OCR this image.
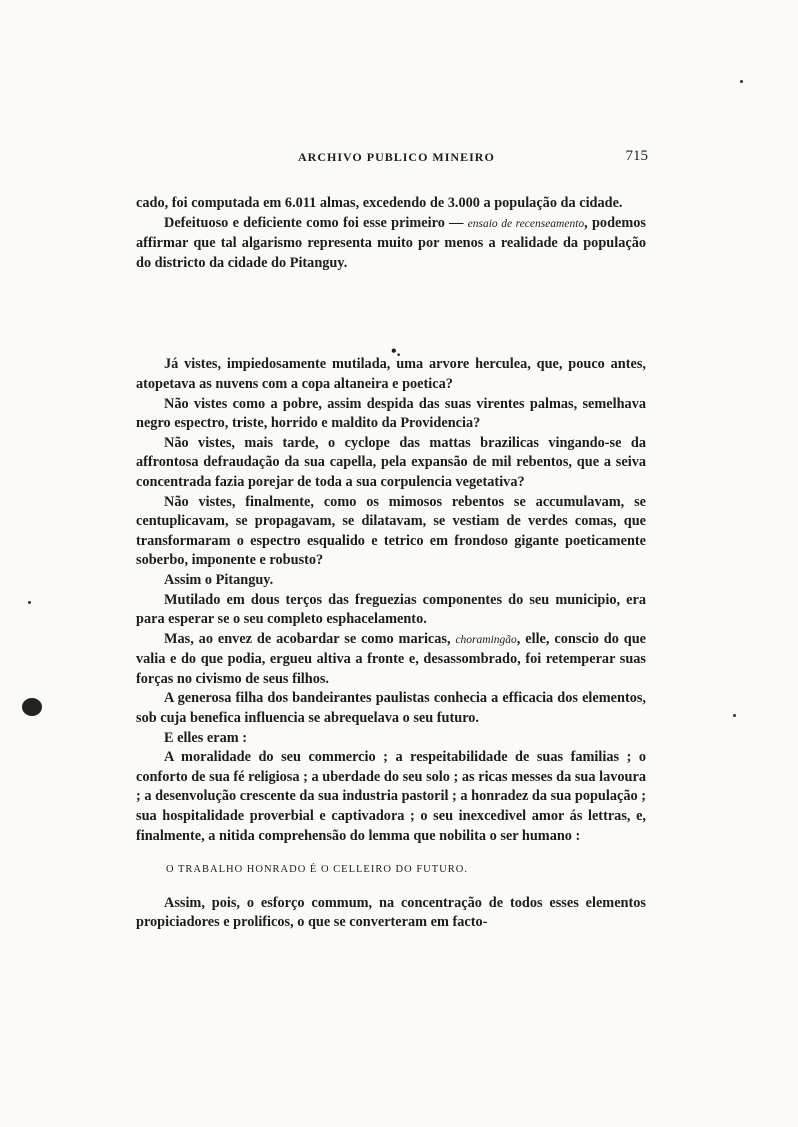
ARCHIVO PUBLICO MINEIRO	715
•.

cado, foi computada em 6.011 almas, excedendo de 3.000 a população da cidade.

Defeituoso e deficiente como foi esse primeiro — ensaio de recenseamento, podemos affirmar que tal algarismo representa muito por menos a realidade da população do districto da cidade do Pitanguy.

Já vistes, impiedosamente mutilada, uma arvore herculea, que, pouco antes, atopetava as nuvens com a copa altaneira e poetica?

Não vistes como a pobre, assim despida das suas virentes palmas, semelhava negro espectro, triste, horrido e maldito da Providencia?

Não vistes, mais tarde, o cyclope das mattas brazilicas vingando-se da affrontosa defraudação da sua capella, pela expansão de mil rebentos, que a seiva concentrada fazia porejar de toda a sua corpulencia vegetativa?

Não vistes, finalmente, como os mimosos rebentos se accumulavam, se centuplicavam, se propagavam, se dilatavam, se vestiam de verdes comas, que transformaram o espectro esqualido e tetrico em frondoso gigante poeticamente soberbo, imponente e robusto?

Assim o Pitanguy.

Mutilado em dous terços das freguezias componentes do seu municipio, era para esperar se o seu completo esphacelamento.

Mas, ao envez de acobardar se como maricas, choramingão, elle, conscio do que valia e do que podia, ergueu altiva a fronte e, desassombrado, foi retemperar suas forças no civismo de seus filhos.

A generosa filha dos bandeirantes paulistas conhecia a efficacia dos elementos, sob cuja benefica influencia se abrequelava o seu futuro.

E elles eram :

A moralidade do seu commercio ; a respeitabilidade de suas familias ; o conforto de sua fé religiosa ; a uberdade do seu solo ; as ricas messes da sua lavoura ; a desenvolução crescente da sua industria pastoril ; a honradez da sua população ; sua hospitalidade proverbial e captivadora ; o seu inexcedivel amor ás lettras, e, finalmente, a nitida comprehensão do lemma que nobilita o ser humano :

O TRABALHO HONRADO É O CELLEIRO DO FUTURO.

Assim, pois, o esforço commum, na concentração de todos esses elementos propiciadores e prolificos, o que se converteram em facto-
